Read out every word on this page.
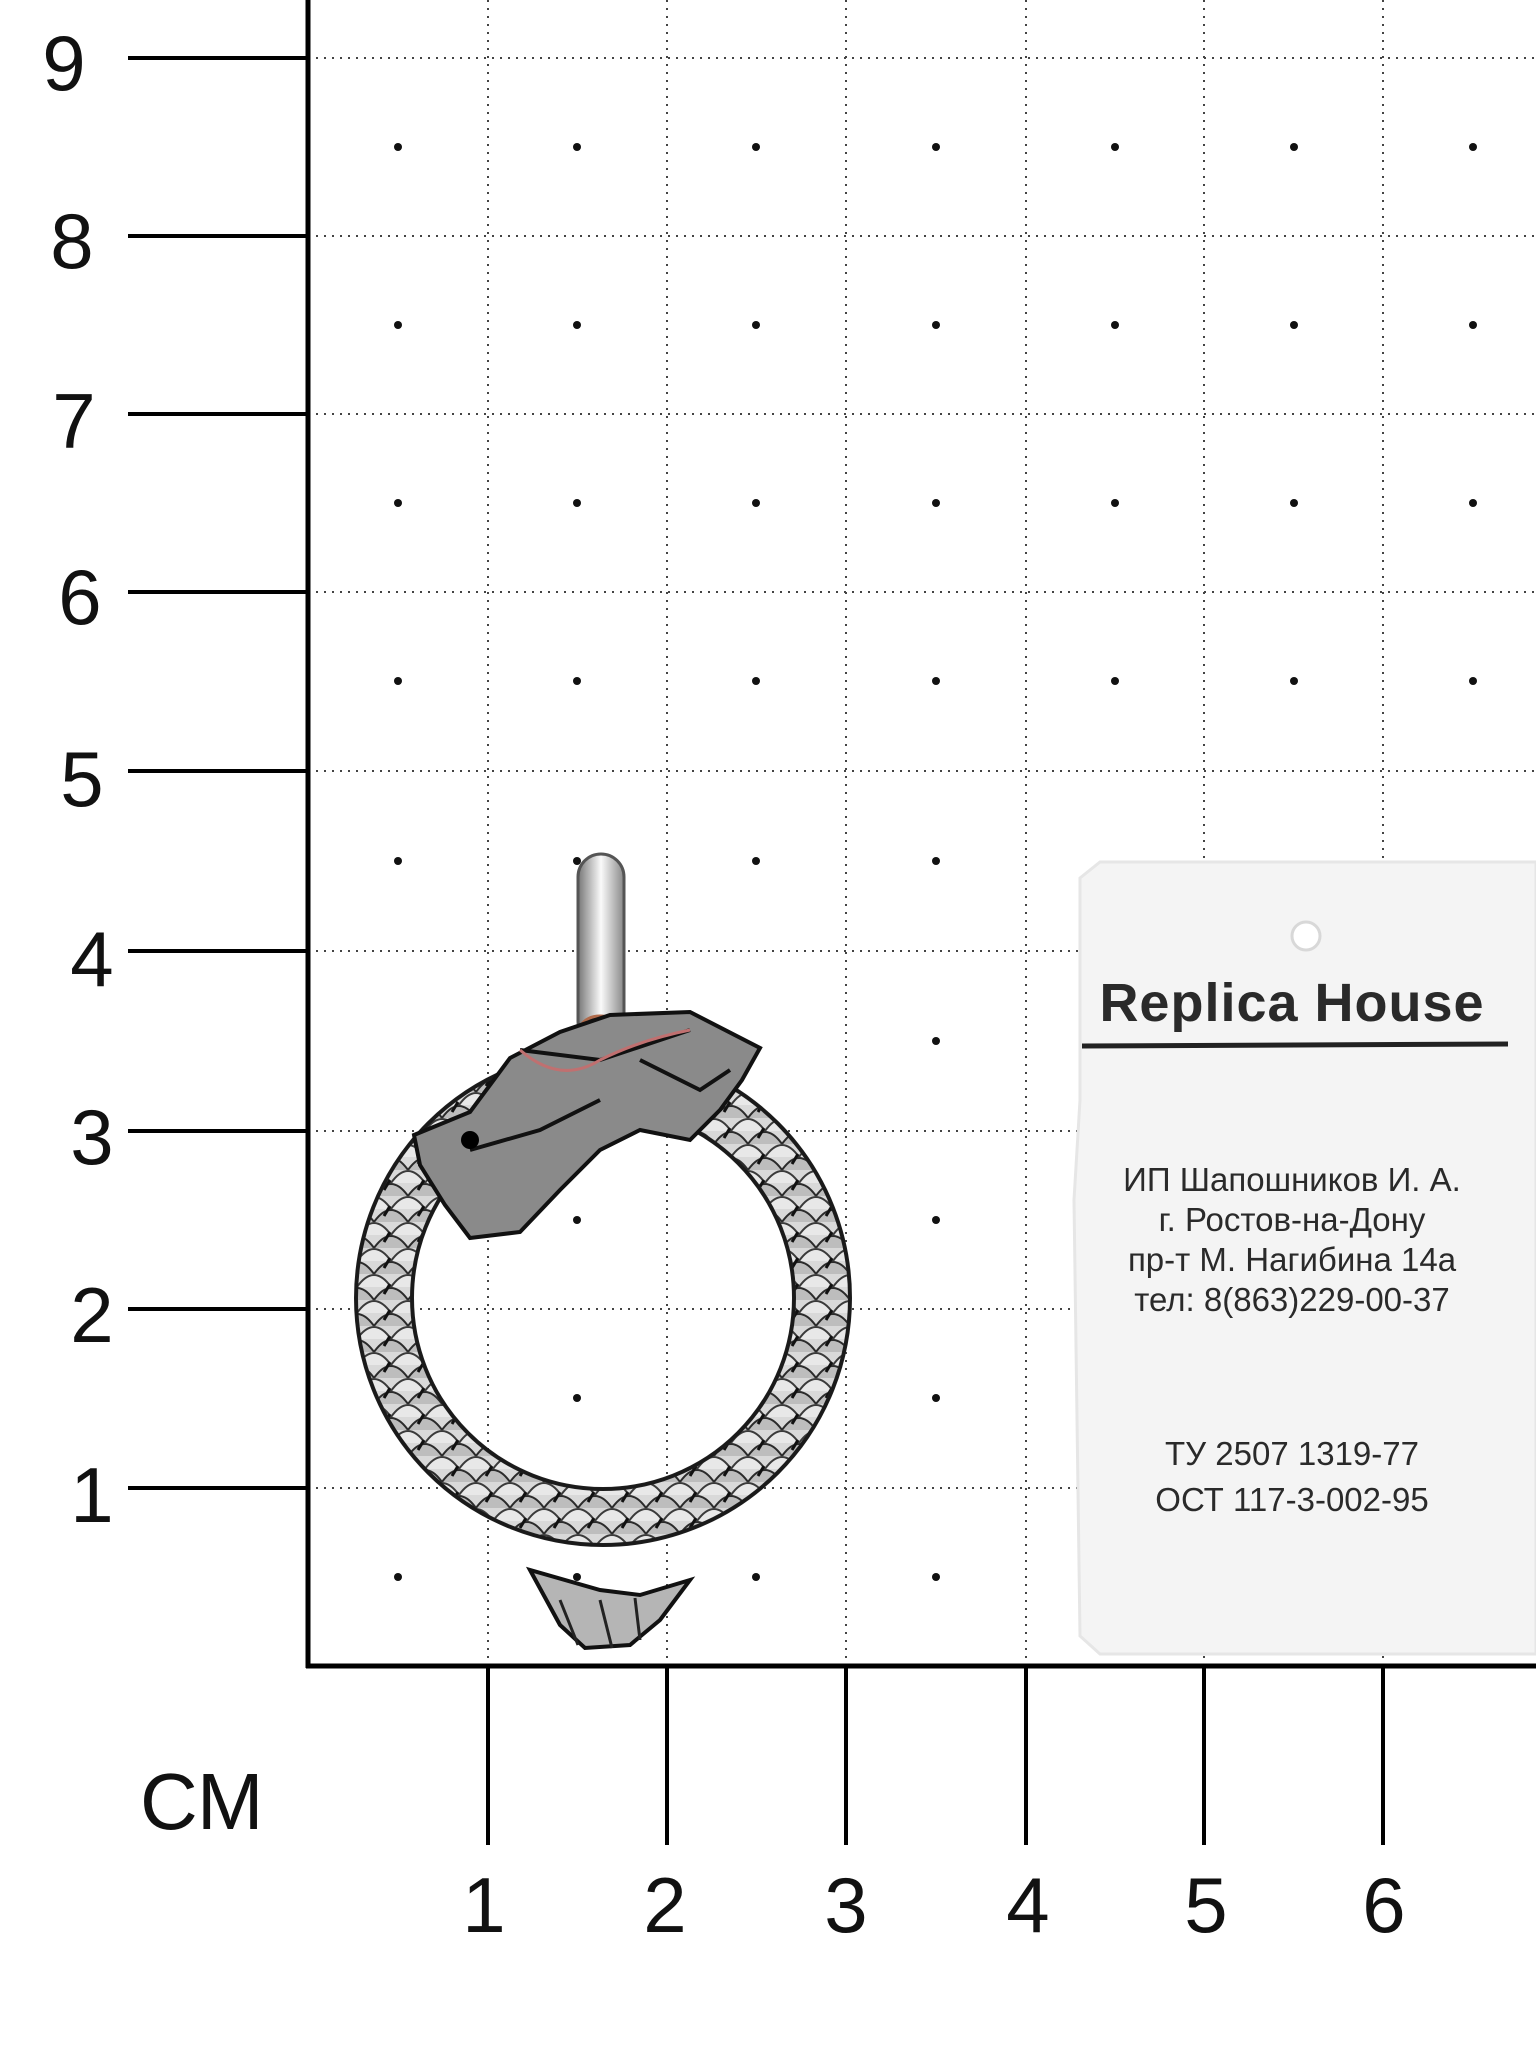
1
2
3
4
5
6
7
8
9
1	2	3	4	5	6
СМ
Replica House
ИП Шапошников И. А.
г. Ростов-на-Дону
пр-т М. Нагибина 14а
тел: 8(863)229-00-37
ТУ 2507 1319-77
ОСТ 117-3-002-95
